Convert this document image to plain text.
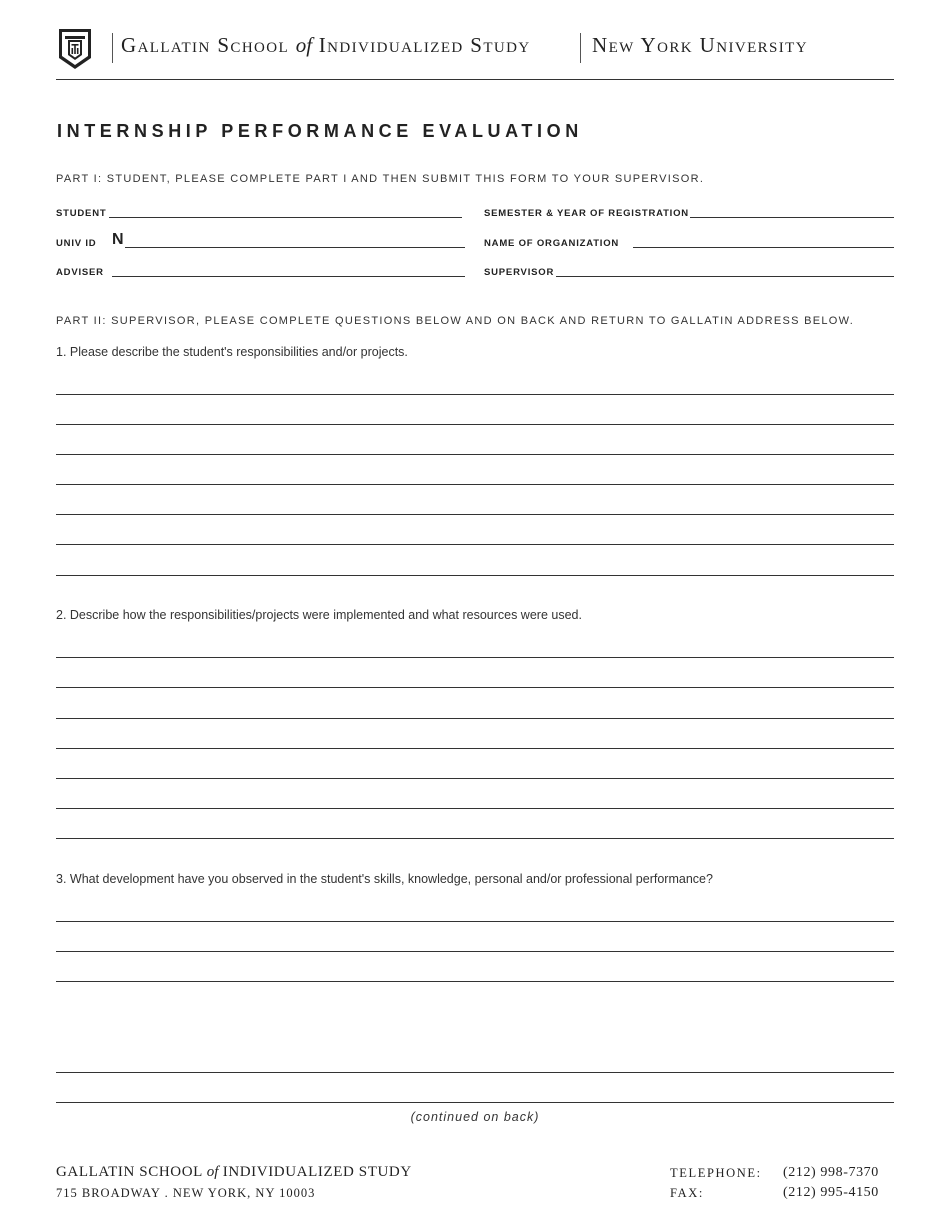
Gallatin School of Individualized Study	New York University
INTERNSHIP PERFORMANCE EVALUATION
PART I: STUDENT, PLEASE COMPLETE PART I AND THEN SUBMIT THIS FORM TO YOUR SUPERVISOR.
STUDENT	SEMESTER & YEAR OF REGISTRATION
UNIV ID N	NAME OF ORGANIZATION
ADVISER	SUPERVISOR
PART II: SUPERVISOR, PLEASE COMPLETE QUESTIONS BELOW AND ON BACK AND RETURN TO GALLATIN ADDRESS BELOW.
1. Please describe the student's responsibilities and/or projects.
2. Describe how the responsibilities/projects were implemented and what resources were used.
3. What development have you observed in the student's skills, knowledge, personal and/or professional performance?
(continued on back)
GALLATIN SCHOOL of INDIVIDUALIZED STUDY
715 BROADWAY . NEW YORK, NY 10003
TELEPHONE: (212) 998-7370
FAX:	(212) 995-4150
